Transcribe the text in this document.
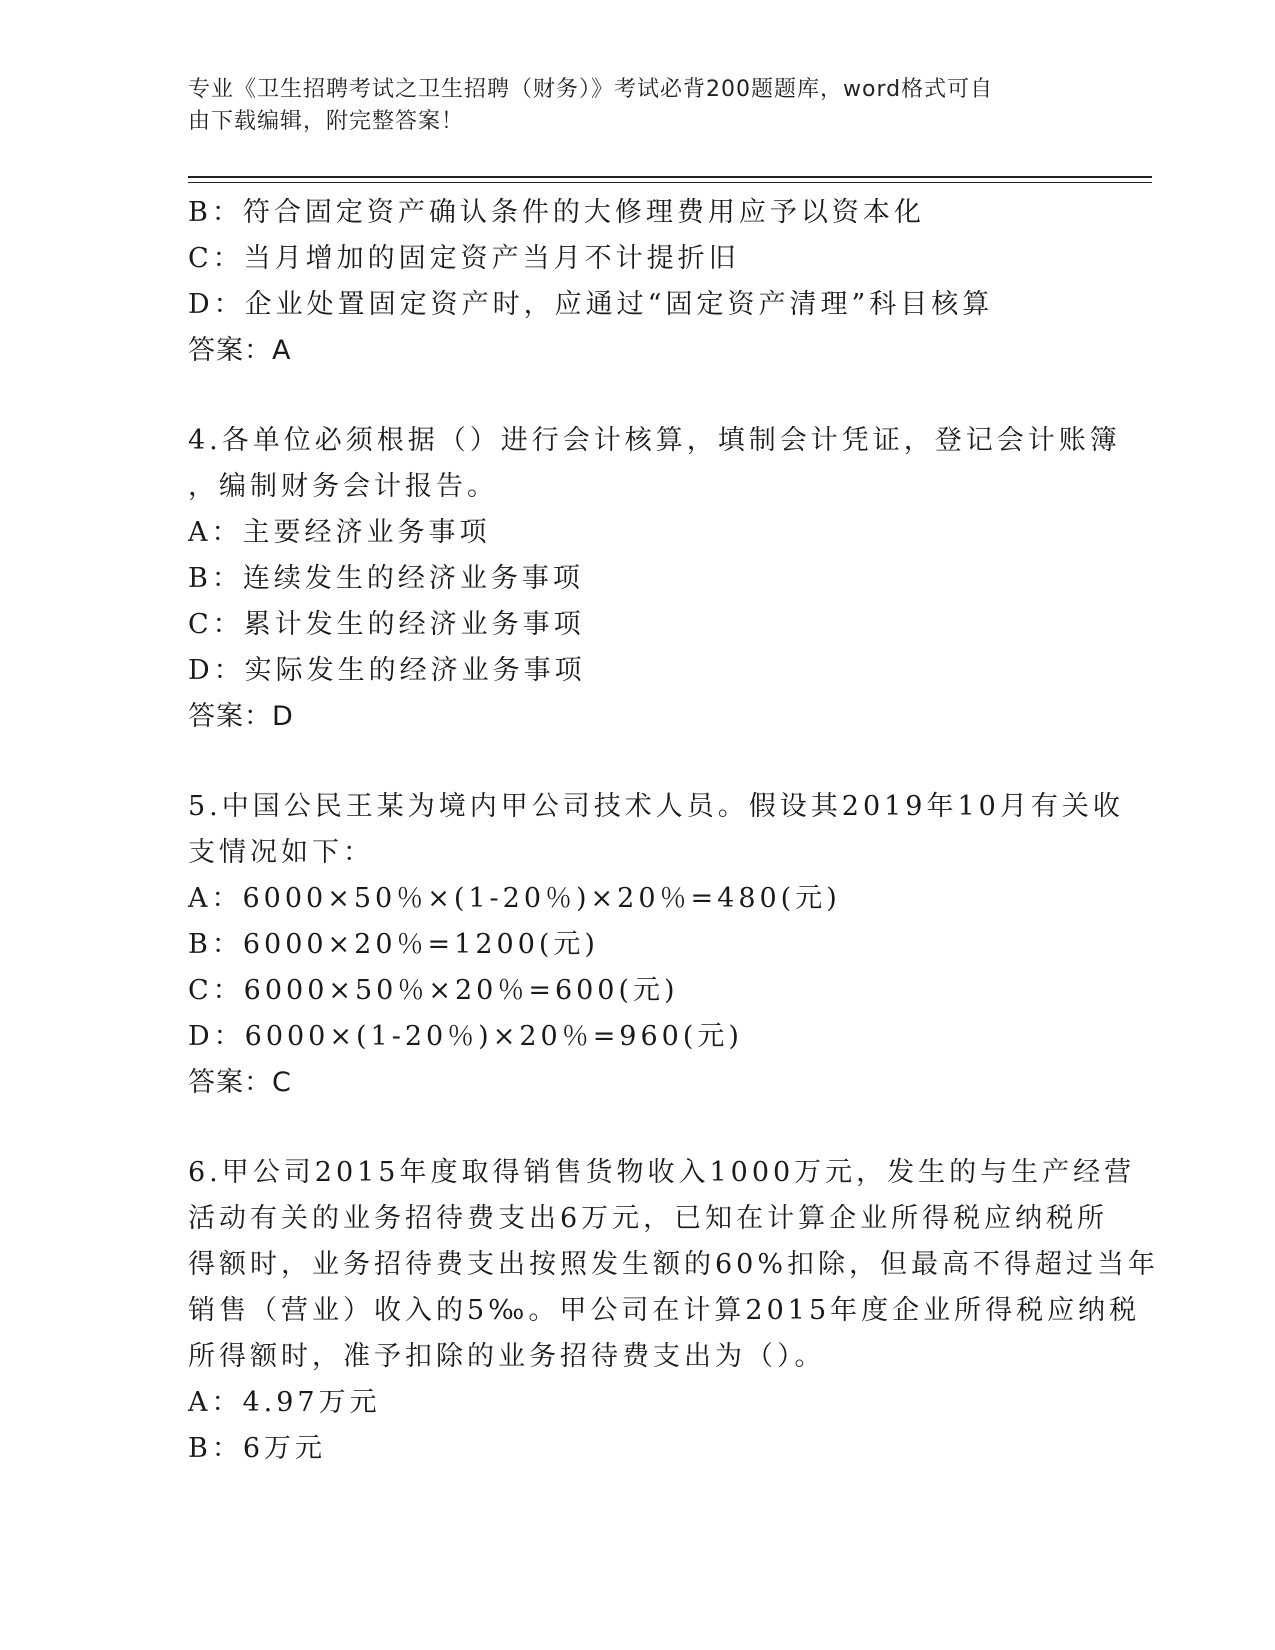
专业《卫生招聘考试之卫生招聘（财务）》考试必背200题题库，word格式可自
由下载编辑，附完整答案！
B：符合固定资产确认条件的大修理费用应予以资本化
C：当月增加的固定资产当月不计提折旧
D：企业处置固定资产时，应通过“固定资产清理”科目核算
答案：A
4.各单位必须根据（）进行会计核算，填制会计凭证，登记会计账簿
，编制财务会计报告。
A：主要经济业务事项
B：连续发生的经济业务事项
C：累计发生的经济业务事项
D：实际发生的经济业务事项
答案：D
5.中国公民王某为境内甲公司技术人员。假设其2019年10月有关收
支情况如下：
A：6000×50％×(1-20％)×20％=480(元)
B：6000×20％=1200(元)
C：6000×50％×20％=600(元)
D：6000×(1-20％)×20％=960(元)
答案：C
6.甲公司2015年度取得销售货物收入1000万元，发生的与生产经营
活动有关的业务招待费支出6万元，已知在计算企业所得税应纳税所
得额时，业务招待费支出按照发生额的60%扣除，但最高不得超过当年
销售（营业）收入的5‰。甲公司在计算2015年度企业所得税应纳税
所得额时，准予扣除的业务招待费支出为（）。
A：4.97万元
B：6万元
